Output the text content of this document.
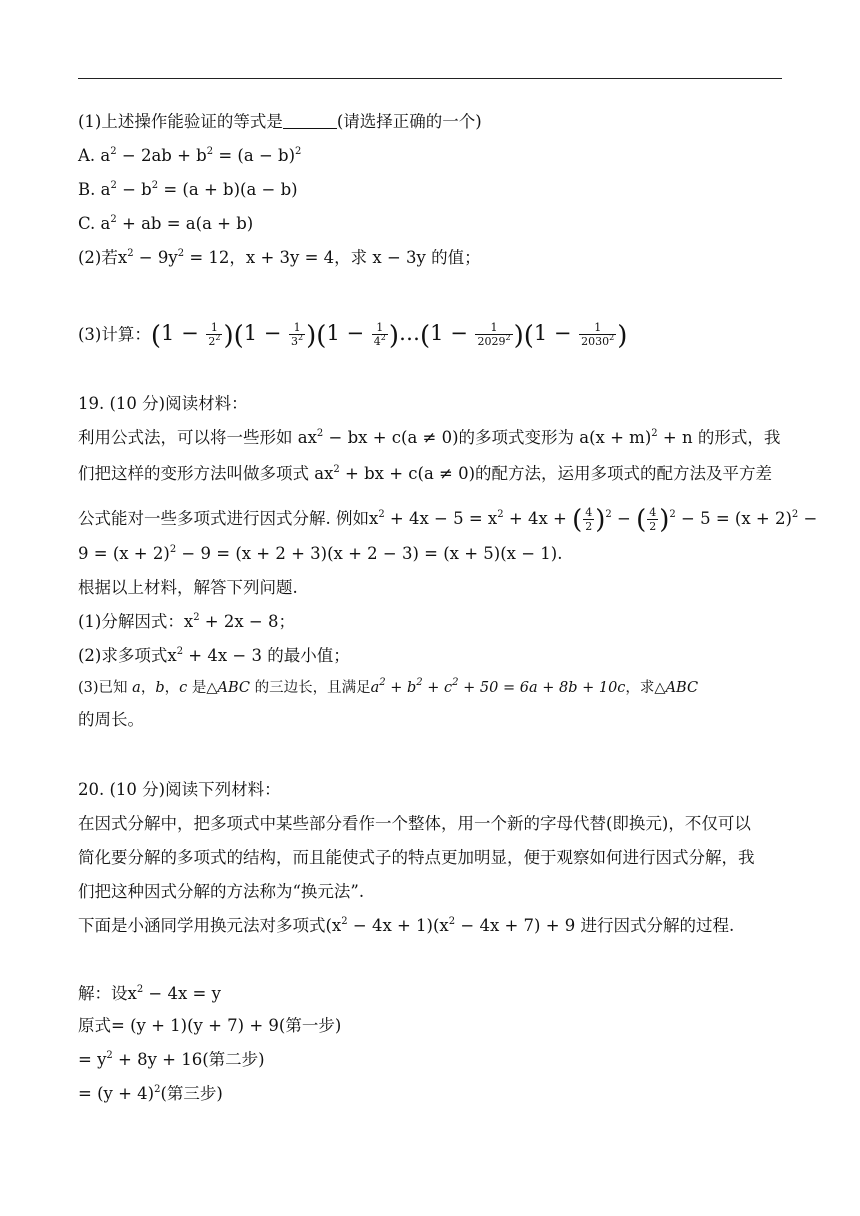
(1)上述操作能验证的等式是	(请选择正确的一个)
A. $a^2 - 2ab + b^2 = (a - b)^2$
B. $a^2 - b^2 = (a + b)(a - b)$
C. $a^2$ + ab = a(a + b)
(2)若$x^2 - 9y^2 = 12$，x + 3y = 4，求 x − 3y 的值；
(3)计算：$(1 - \frac{1}{2^2} )(1 - \frac{1}{3^2} )(1 - \frac{1}{4^2}$ )…(1 − $\frac{1}{2029^2} )(1 - \frac{1}{2030^2}$ )
19. (10 分)阅读材料：
利用公式法，可以将一些形如 $ax^2$ − bx + c(a ≠ 0)的多项式变形为 $a(x + m)^2 + n$ 的形式，我
们把这样的变形方法叫做多项式 $ax^2$ + bx + c(a ≠ 0)的配方法，运用多项式的配方法及平方差
公式能对一些多项式进行因式分解. 例如$x^2 + 4x - 5 = x^2 + 4x$ + ( $\frac{4}{2} )^2$ − ( $\frac{4}{2} )^2 - 5 = (x + 2)^2$ −
$9 = (x + 2)^2 - 9 = (x + 2 + 3)(x + 2 - 3) = (x + 5)(x - 1)$.
根据以上材料，解答下列问题.
(1)分解因式：$x^2 + 2x - 8$；
(2)求多项式$x^2 + 4x - 3$ 的最小值；
(3)已知 a，b，c 是△ABC 的三边长，且满足$a^2 + b^2 + c^2 + 50 = 6a + 8b + 10c$，求△ABC
的周长。
20. (10 分)阅读下列材料：
在因式分解中，把多项式中某些部分看作一个整体，用一个新的字母代替(即换元)，不仅可以
简化要分解的多项式的结构，而且能使式子的特点更加明显，便于观察如何进行因式分解，我
们把这种因式分解的方法称为“换元法”.
下面是小涵同学用换元法对多项式$(x^2 - 4x + 1)(x^2 - 4x + 7) + 9$ 进行因式分解的过程.
解：设$x^2 - 4x = y$
原式= (y + 1)(y + 7) + 9(第一步)
= $y^2 + 8y + 16$(第二步)
= $(y + 4)^2$(第三步)
